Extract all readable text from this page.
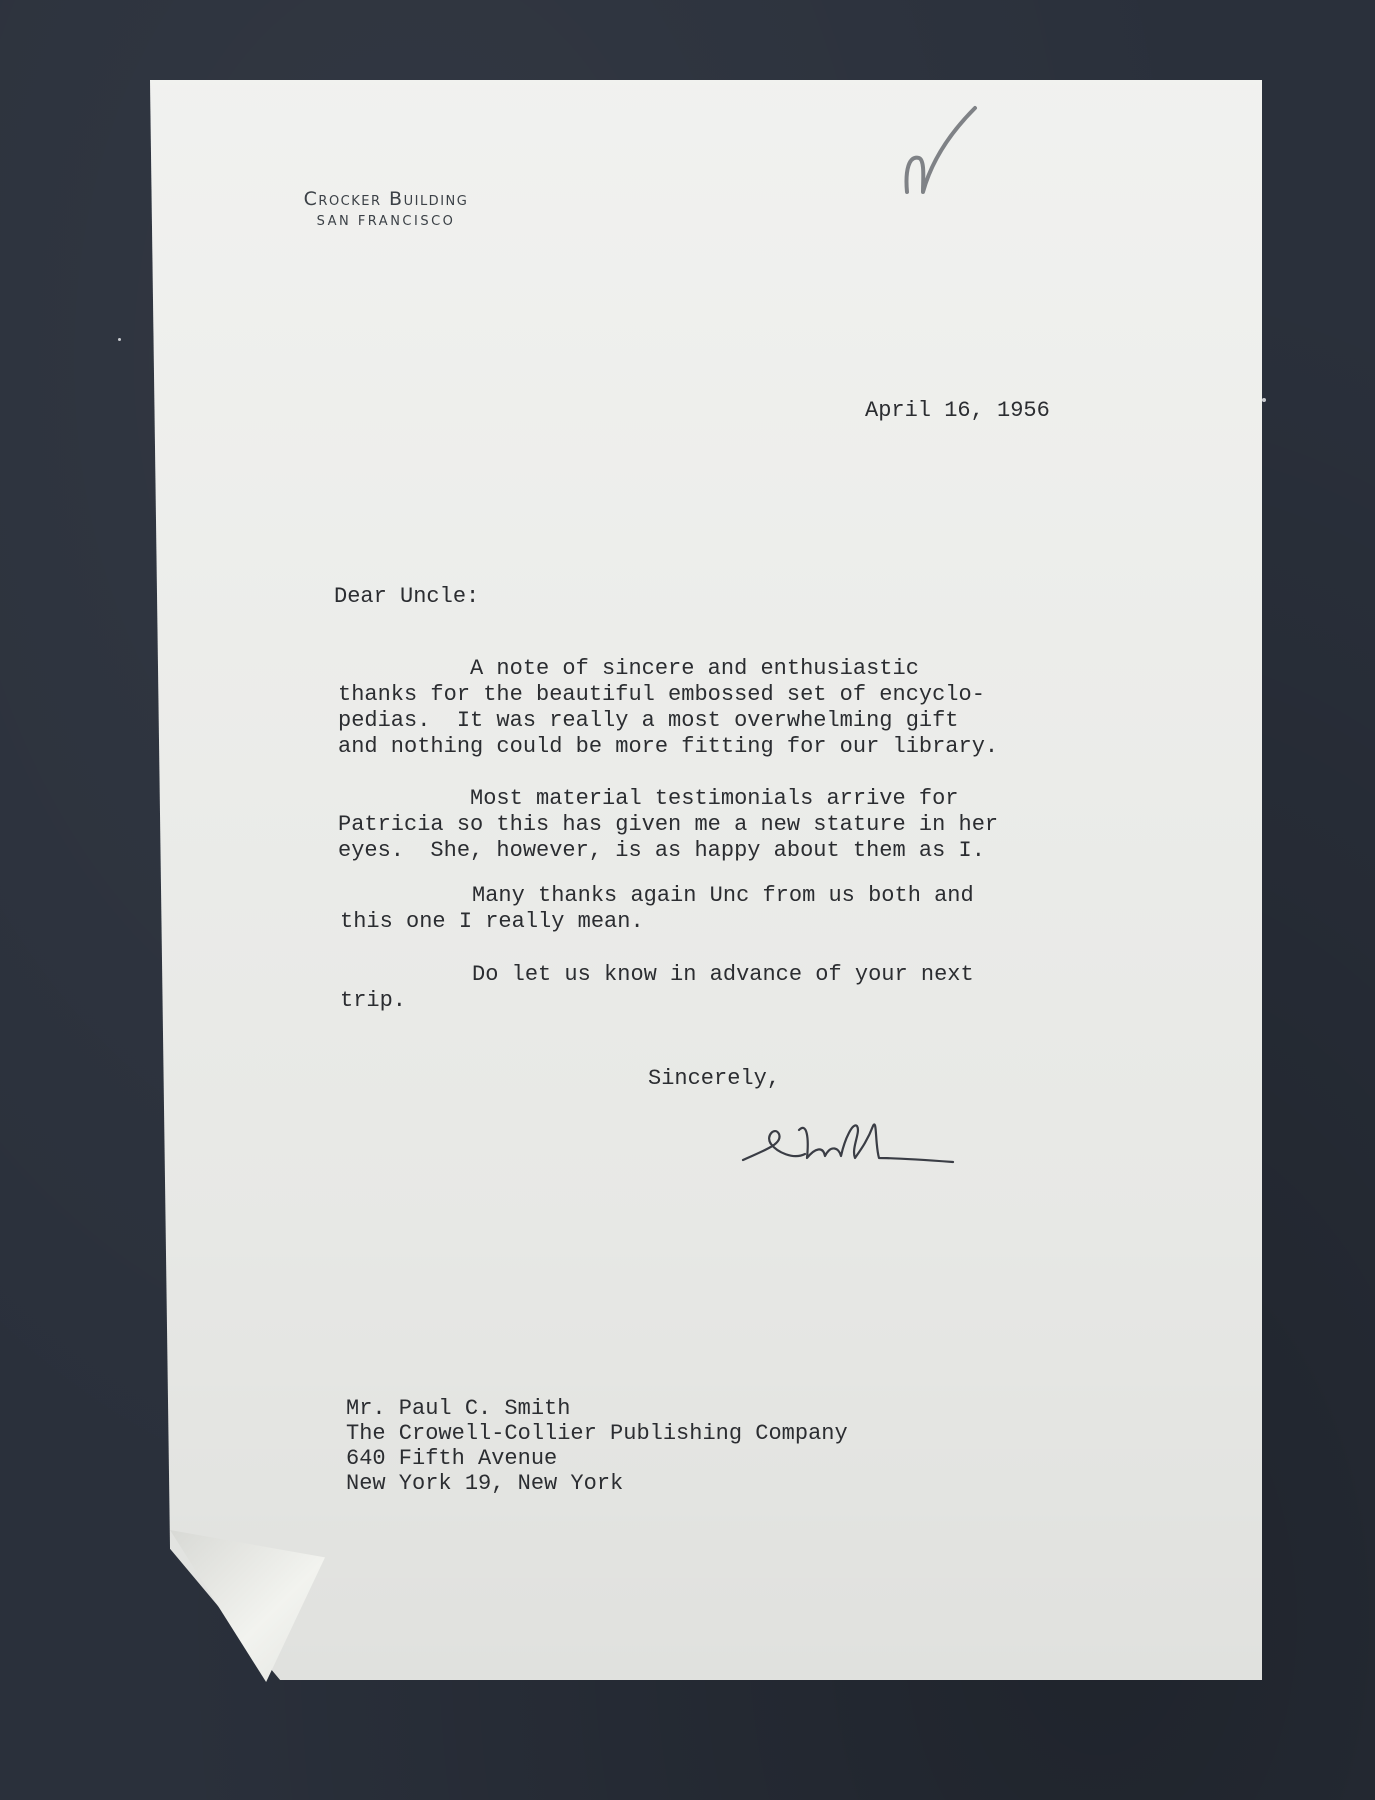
Crocker Building
SAN FRANCISCO
April 16, 1956
Dear Uncle:
A note of sincere and enthusiastic
thanks for the beautiful embossed set of encyclo-
pedias.  It was really a most overwhelming gift
and nothing could be more fitting for our library.
Most material testimonials arrive for
Patricia so this has given me a new stature in her
eyes.  She, however, is as happy about them as I.
Many thanks again Unc from us both and
this one I really mean.
Do let us know in advance of your next
trip.
Sincerely,
Mr. Paul C. Smith
The Crowell-Collier Publishing Company
640 Fifth Avenue
New York 19, New York
